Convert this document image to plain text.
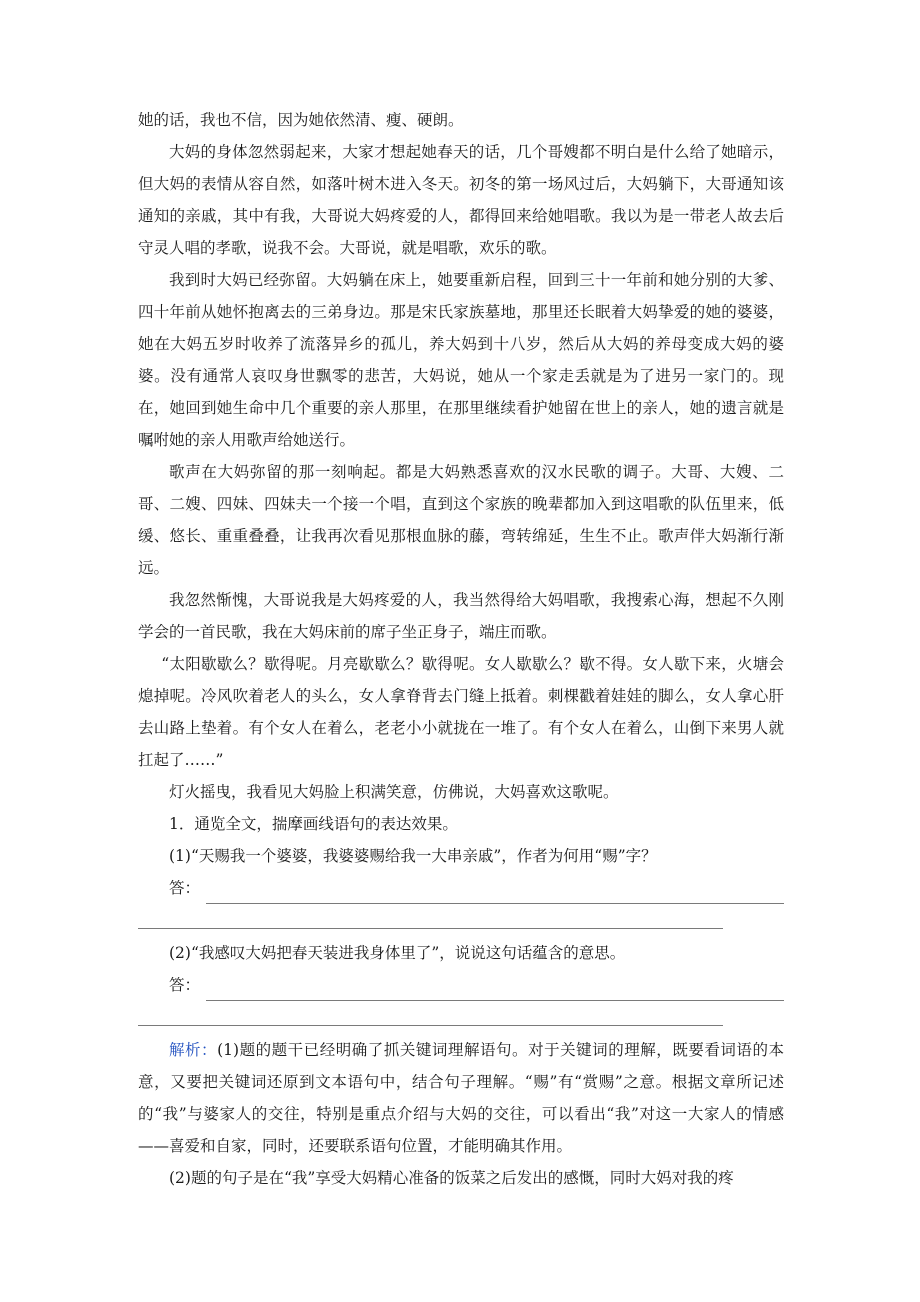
她的话，我也不信，因为她依然清、瘦、硬朗。

大妈的身体忽然弱起来，大家才想起她春天的话，几个哥嫂都不明白是什么给了她暗示，但大妈的表情从容自然，如落叶树木进入冬天。初冬的第一场风过后，大妈躺下，大哥通知该通知的亲戚，其中有我，大哥说大妈疼爱的人，都得回来给她唱歌。我以为是一带老人故去后守灵人唱的孝歌，说我不会。大哥说，就是唱歌，欢乐的歌。

我到时大妈已经弥留。大妈躺在床上，她要重新启程，回到三十一年前和她分别的大爹、四十年前从她怀抱离去的三弟身边。那是宋氏家族墓地，那里还长眠着大妈挚爱的她的婆婆，她在大妈五岁时收养了流落异乡的孤儿，养大妈到十八岁，然后从大妈的养母变成大妈的婆婆。没有通常人哀叹身世飘零的悲苦，大妈说，她从一个家走丢就是为了进另一家门的。现在，她回到她生命中几个重要的亲人那里，在那里继续看护她留在世上的亲人，她的遗言就是嘱咐她的亲人用歌声给她送行。

歌声在大妈弥留的那一刻响起。都是大妈熟悉喜欢的汉水民歌的调子。大哥、大嫂、二哥、二嫂、四妹、四妹夫一个接一个唱，直到这个家族的晚辈都加入到这唱歌的队伍里来，低缓、悠长、重重叠叠，让我再次看见那根血脉的藤，弯转绵延，生生不止。歌声伴大妈渐行渐远。

我忽然惭愧，大哥说我是大妈疼爱的人，我当然得给大妈唱歌，我搜索心海，想起不久刚学会的一首民歌，我在大妈床前的席子坐正身子，端庄而歌。

“太阳歇歇么？歇得呢。月亮歇歇么？歇得呢。女人歇歇么？歇不得。女人歇下来，火塘会熄掉呢。冷风吹着老人的头么，女人拿脊背去门缝上抵着。刺棵戳着娃娃的脚么，女人拿心肝去山路上垫着。有个女人在着么，老老小小就拢在一堆了。有个女人在着么，山倒下来男人就扛起了……”

灯火摇曳，我看见大妈脸上积满笑意，仿佛说，大妈喜欢这歌呢。

1．通览全文，揣摩画线语句的表达效果。

(1)“天赐我一个婆婆，我婆婆赐给我一大串亲戚”，作者为何用“赐”字？

答：

(2)“我感叹大妈把春天装进我身体里了”，说说这句话蕴含的意思。

答：

解析：(1)题的题干已经明确了抓关键词理解语句。对于关键词的理解，既要看词语的本意，又要把关键词还原到文本语句中，结合句子理解。“赐”有“赏赐”之意。根据文章所记述的“我”与婆家人的交往，特别是重点介绍与大妈的交往，可以看出“我”对这一大家人的情感——喜爱和自家，同时，还要联系语句位置，才能明确其作用。

(2)题的句子是在“我”享受大妈精心准备的饭菜之后发出的感慨，同时大妈对我的疼
